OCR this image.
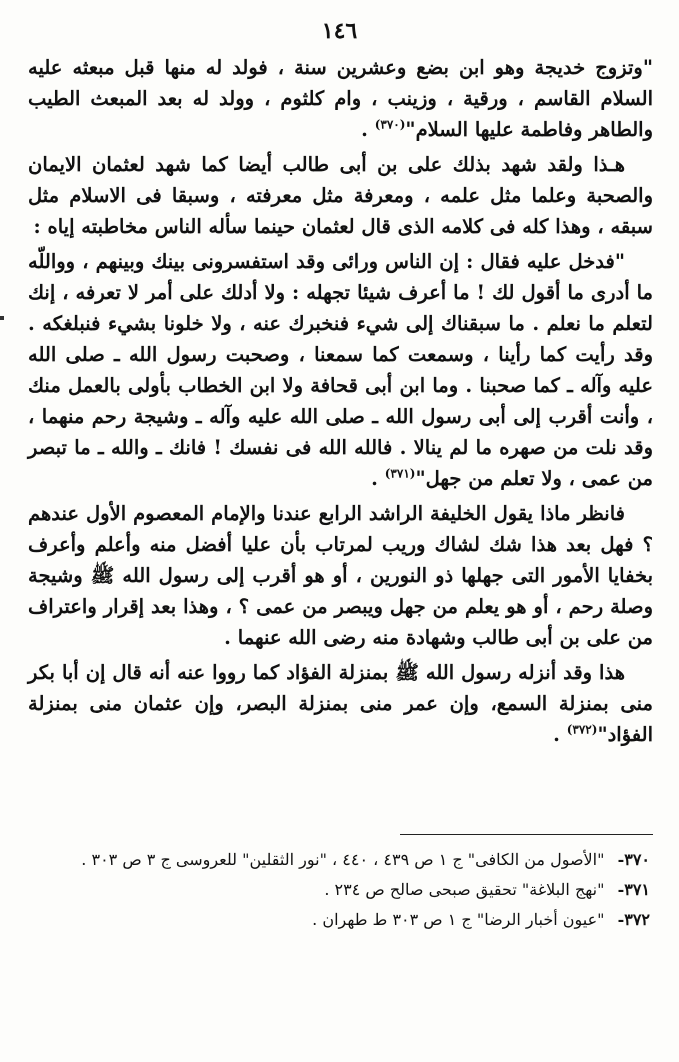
١٤٦

"وتزوج خديجة وهو ابن بضع وعشرين سنة ، فولد له منها قبل مبعثه عليه السلام القاسم ، ورقية ، وزينب ، وام كلثوم ، وولد له بعد المبعث الطيب والطاهر وفاطمة عليها السلام"$^{(٣٧٠)}$ .

هـذا ولقد شهد بذلك على بن أبى طالب أيضا كما شهد لعثمان الايمان والصحبة وعلما مثل علمه ، ومعرفة مثل معرفته ، وسبقا فى الاسلام مثل سبقه ، وهذا كله فى كلامه الذى قال لعثمان حينما سأله الناس مخاطبته إياه :

"فدخل عليه فقال : إن الناس ورائى وقد استفسرونى بينك وبينهم ، وواللّه ما أدرى ما أقول لك ! ما أعرف شيئا تجهله : ولا أدلك على أمر لا تعرفه ، إنك لتعلم ما نعلم . ما سبقناك إلى شيء فنخبرك عنه ، ولا خلونا بشيء فنبلغكه . وقد رأيت كما رأينا ، وسمعت كما سمعنا ، وصحبت رسول الله ـ صلى الله عليه وآله ـ كما صحبنا . وما ابن أبى قحافة ولا ابن الخطاب بأولى بالعمل منك ، وأنت أقرب إلى أبى رسول الله ـ صلى الله عليه وآله ـ وشيجة رحم منهما ، وقد نلت من صهره ما لم ينالا . فالله الله فى نفسك ! فانك ـ والله ـ ما تبصر من عمى ، ولا تعلم من جهل"$^{(٣٧١)}$ .

فانظر ماذا يقول الخليفة الراشد الرابع عندنا والإمام المعصوم الأول عندهم ؟ فهل بعد هذا شك لشاك وريب لمرتاب بأن عليا أفضل منه وأعلم وأعرف بخفايا الأمور التى جهلها ذو النورين ، أو هو أقرب إلى رسول الله ﷺ وشيجة وصلة رحم ، أو هو يعلم من جهل ويبصر من عمى ؟ ، وهذا بعد إقرار واعتراف من على بن أبى طالب وشهادة منه رضى الله عنهما .

هذا وقد أنزله رسول الله ﷺ بمنزلة الفؤاد كما رووا عنه أنه قال إن أبا بكر منى بمنزلة السمع، وإن عمر منى بمنزلة البصر، وإن عثمان منى بمنزلة الفؤاد"$^{(٣٧٢)}$ .

٣٧٠- "الأصول من الكافى" ج ١ ص ٤٣٩ ، ٤٤٠ ، "نور الثقلين" للعروسى ج ٣ ص ٣٠٣ .
٣٧١- "نهج البلاغة" تحقيق صبحى صالح ص ٢٣٤ .
٣٧٢- "عيون أخبار الرضا" ج ١ ص ٣٠٣ ط طهران .
